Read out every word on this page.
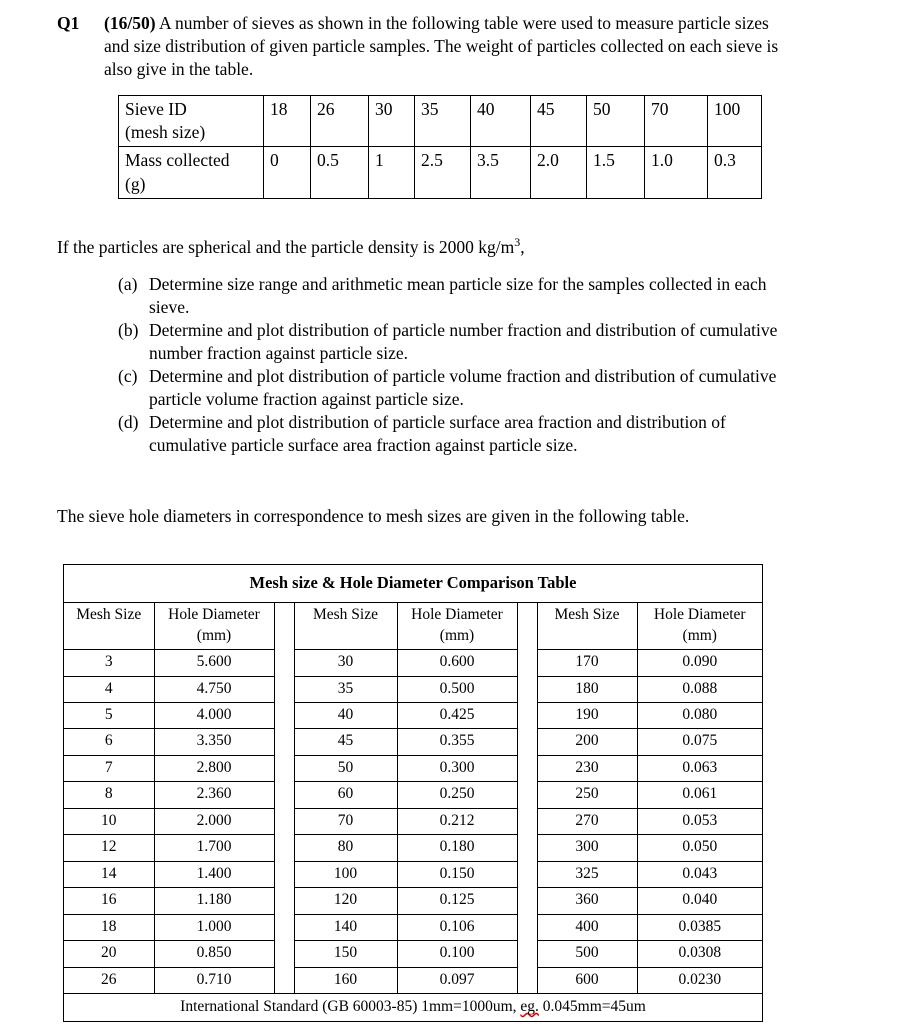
Q1	(16/50) A number of sieves as shown in the following table were used to measure particle sizes and size distribution of given particle samples. The weight of particles collected on each sieve is also give in the table.
Sieve ID
(mesh size)	18	26	30	35	40	45	50	70	100

Mass collected
(g)	0	0.5	1	2.5	3.5	2.0	1.5	1.0	0.3
If the particles are spherical and the particle density is 2000 $kg/m^3$,
(a) Determine size range and arithmetic mean particle size for the samples collected in each sieve.
(b) Determine and plot distribution of particle number fraction and distribution of cumulative number fraction against particle size.
(c) Determine and plot distribution of particle volume fraction and distribution of cumulative particle volume fraction against particle size.
(d) Determine and plot distribution of particle surface area fraction and distribution of cumulative particle surface area fraction against particle size.
The sieve hole diameters in correspondence to mesh sizes are given in the following table.
Mesh size & Hole Diameter Comparison Table
Mesh Size	Hole Diameter
(mm)

3	5.600
4	4.750
5	4.000
6	3.350
7	2.800
8	2.360
10	2.000
12	1.700
14	1.400
16	1.180
18	1.000
20	0.850
26	0.710
Mesh Size	Hole Diameter
(mm)

30	0.600
35	0.500
40	0.425
45	0.355
50	0.300
60	0.250
70	0.212
80	0.180
100	0.150
120	0.125
140	0.106
150	0.100
160	0.097
Mesh Size	Hole Diameter
(mm)

170	0.090
180	0.088
190	0.080
200	0.075
230	0.063
250	0.061
270	0.053
300	0.050
325	0.043
360	0.040
400	0.0385
500	0.0308
600	0.0230
International Standard (GB 60003-85) 1mm=1000um, eg. 0.045mm=45um
